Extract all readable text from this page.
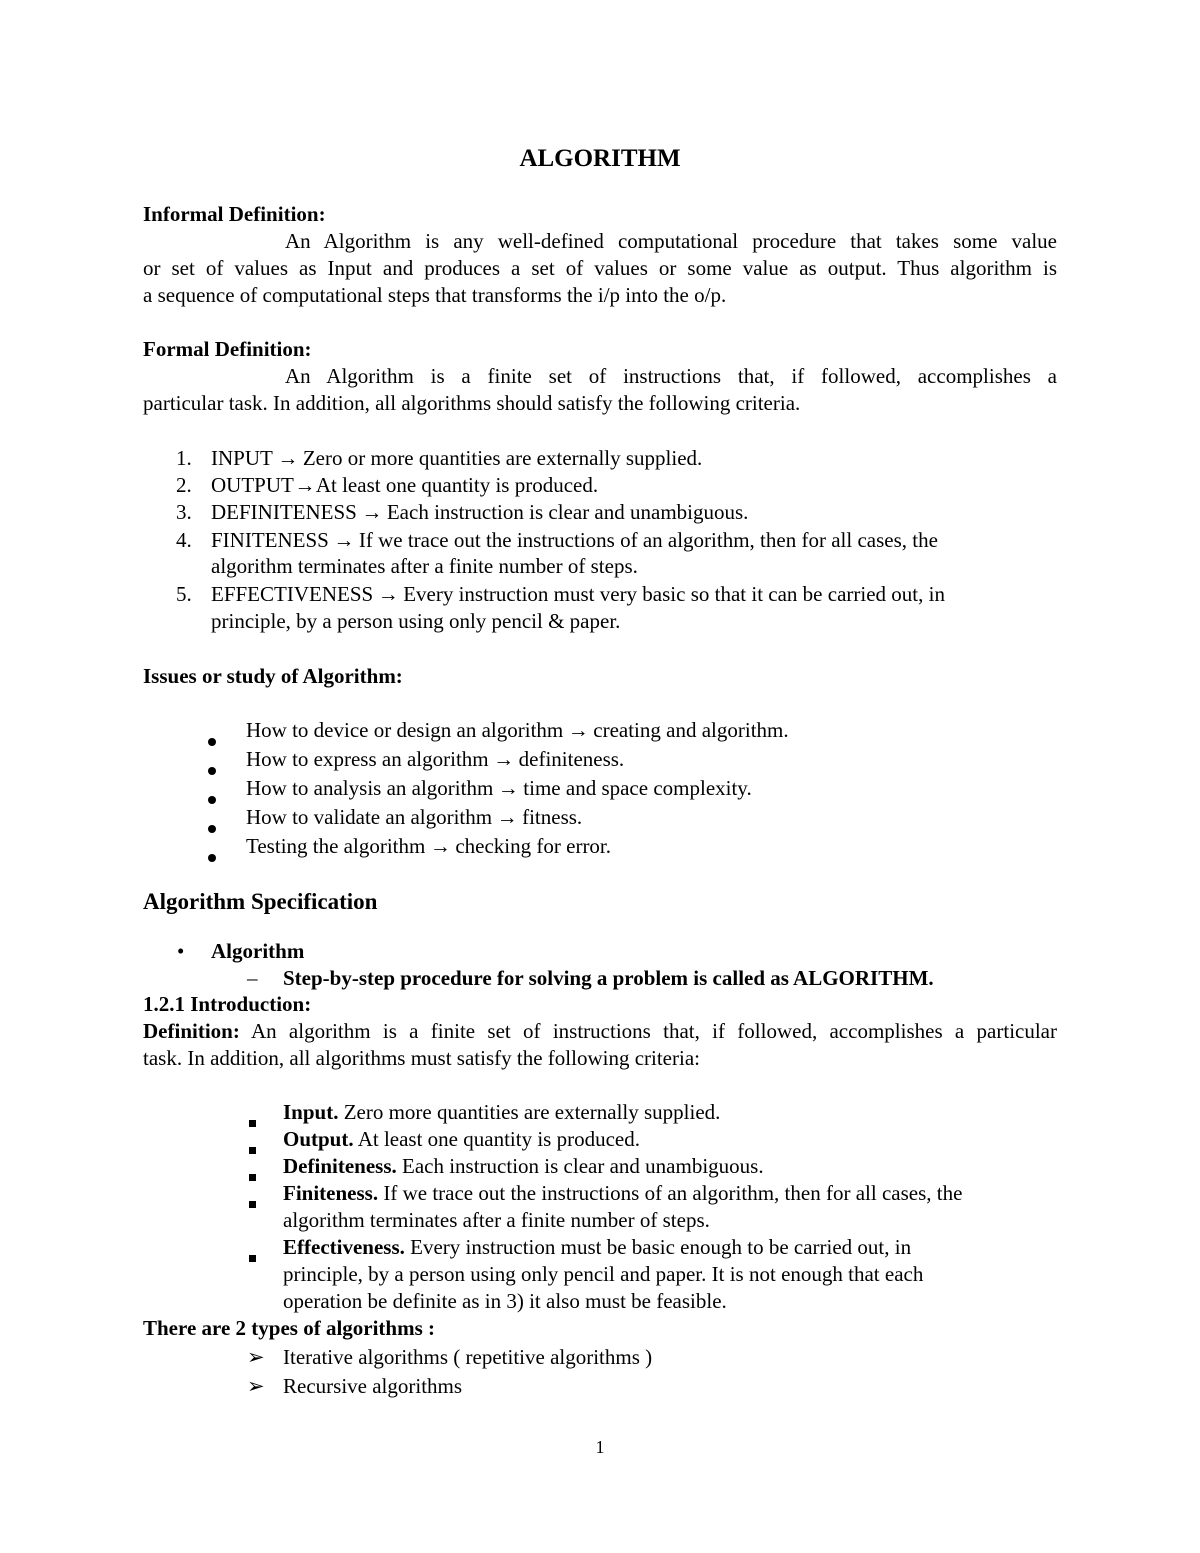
ALGORITHM
Informal Definition:
An Algorithm is any well-defined computational procedure that takes some value
or set of values as Input and produces a set of values or some value as output. Thus algorithm is
a sequence of computational steps that transforms the i/p into the o/p.
Formal Definition:
An Algorithm is a finite set of instructions that, if followed, accomplishes a
particular task. In addition, all algorithms should satisfy the following criteria.
1. INPUT → Zero or more quantities are externally supplied.
2. OUTPUT→At least one quantity is produced.
3. DEFINITENESS → Each instruction is clear and unambiguous.
4. FINITENESS → If we trace out the instructions of an algorithm, then for all cases, the
algorithm terminates after a finite number of steps.
5. EFFECTIVENESS → Every instruction must very basic so that it can be carried out, in
principle, by a person using only pencil & paper.
Issues or study of Algorithm:
How to device or design an algorithm → creating and algorithm.
How to express an algorithm → definiteness.
How to analysis an algorithm → time and space complexity.
How to validate an algorithm → fitness.
Testing the algorithm → checking for error.
Algorithm Specification
• Algorithm
– Step-by-step procedure for solving a problem is called as ALGORITHM.
1.2.1 Introduction:
Definition: An algorithm is a finite set of instructions that, if followed, accomplishes a particular
task. In addition, all algorithms must satisfy the following criteria:
Input. Zero more quantities are externally supplied.
Output. At least one quantity is produced.
Definiteness. Each instruction is clear and unambiguous.
Finiteness. If we trace out the instructions of an algorithm, then for all cases, the
algorithm terminates after a finite number of steps.
Effectiveness. Every instruction must be basic enough to be carried out, in
principle, by a person using only pencil and paper. It is not enough that each
operation be definite as in 3) it also must be feasible.
There are 2 types of algorithms :
➢ Iterative algorithms ( repetitive algorithms )
➢ Recursive algorithms
1
